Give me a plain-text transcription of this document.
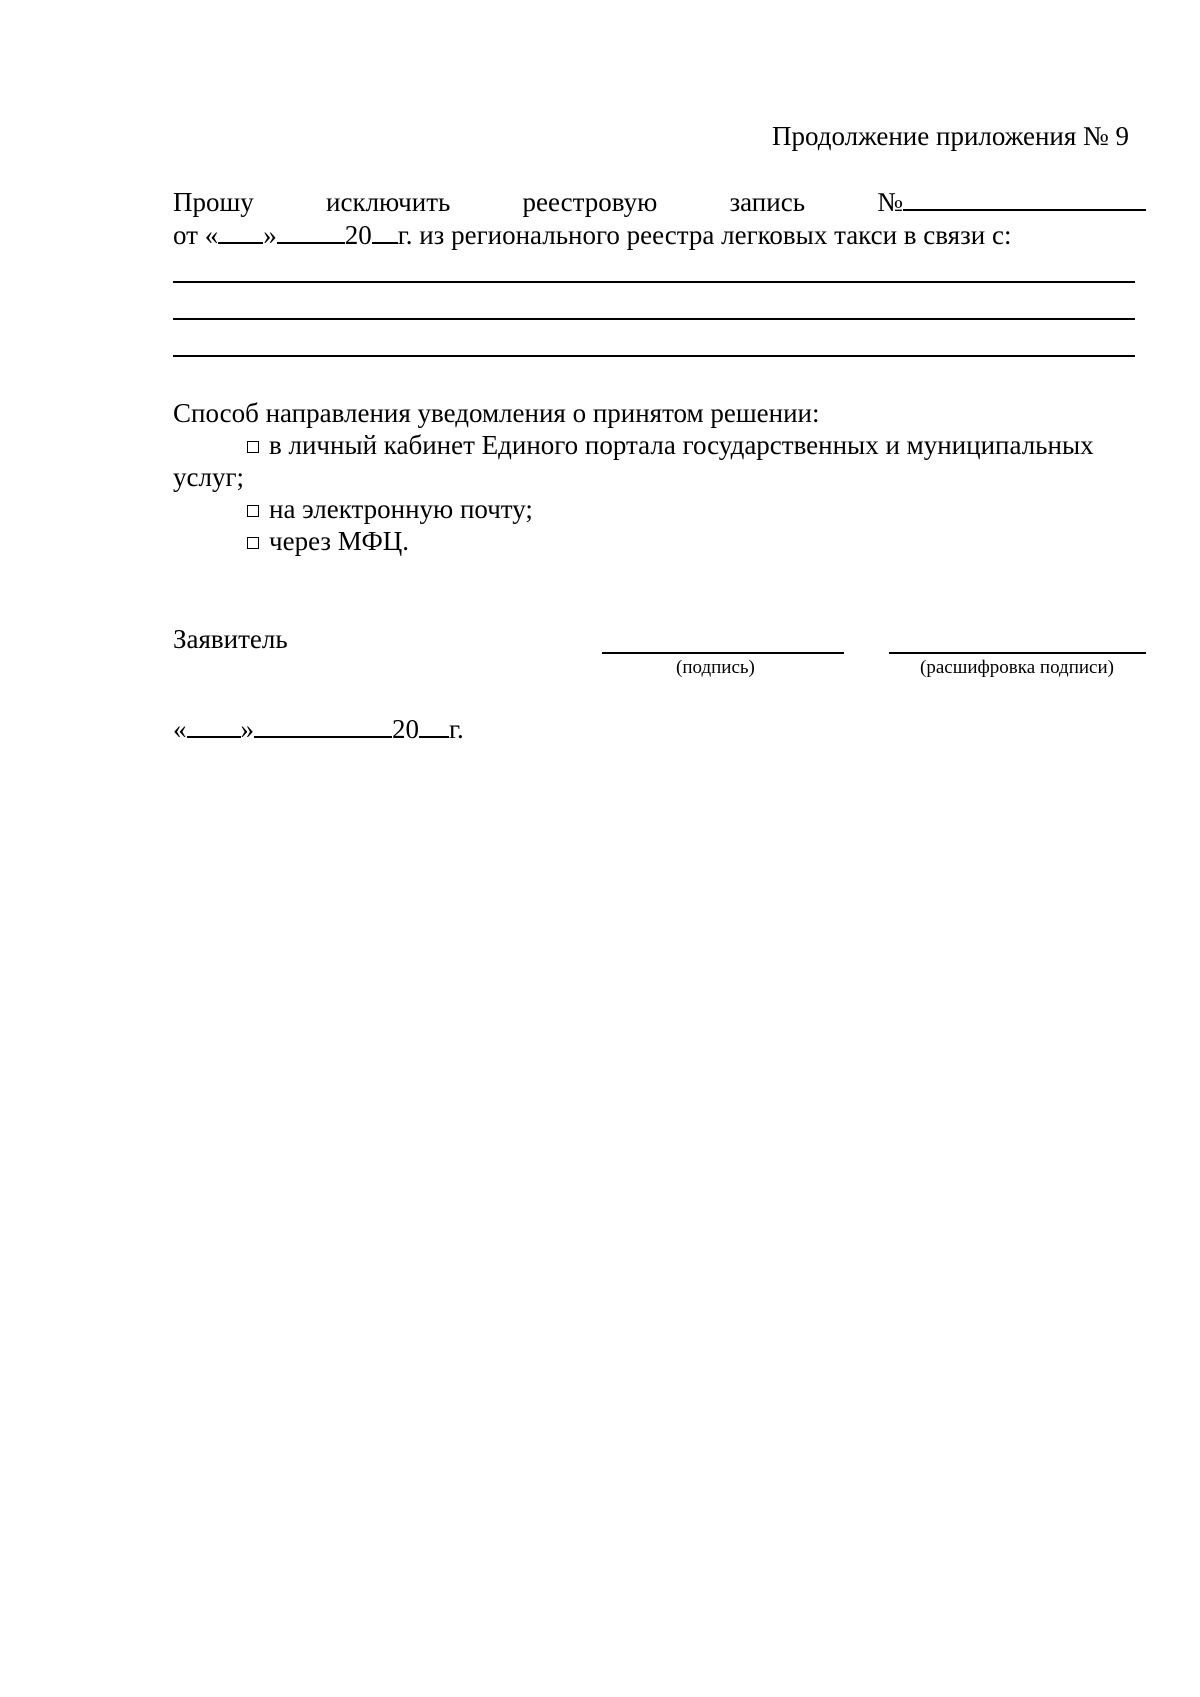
Продолжение приложения № 9
Прошу	исключить	реестровую	запись	№
от « »	20 г. из регионального реестра легковых такси в связи с:
Способ направления уведомления о принятом решении:
в личный кабинет Единого портала государственных и муниципальных
услуг;
на электронную почту;
через МФЦ.
Заявитель
(подпись)	(расшифровка подписи)
« »	20 г.
